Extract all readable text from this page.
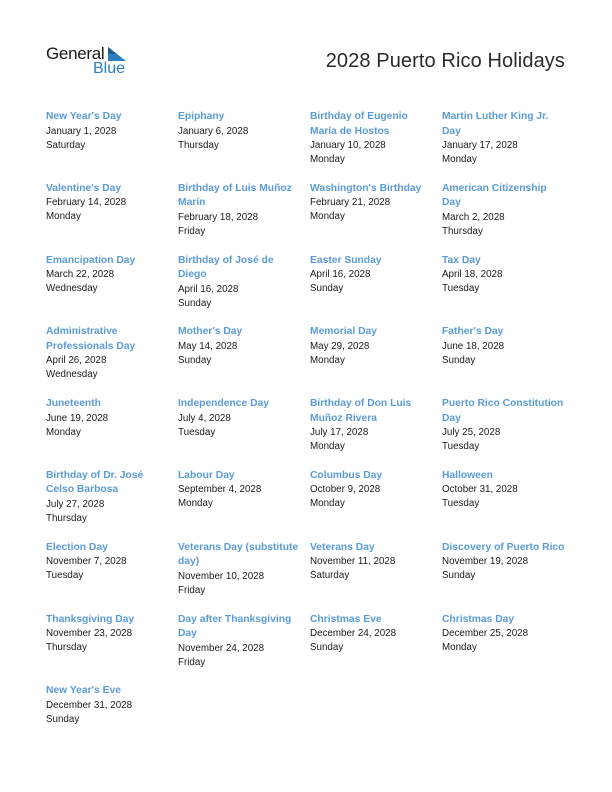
General
Blue	2028 Puerto Rico Holidays
New Year's Day
January 1, 2028
Saturday
Epiphany
January 6, 2028
Thursday
Birthday of Eugenio María de Hostos
January 10, 2028
Monday
Martin Luther King Jr. Day
January 17, 2028
Monday
Valentine's Day
February 14, 2028
Monday
Birthday of Luis Muñoz Marín
February 18, 2028
Friday
Washington's Birthday
February 21, 2028
Monday
American Citizenship Day
March 2, 2028
Thursday
Emancipation Day
March 22, 2028
Wednesday
Birthday of José de Diego
April 16, 2028
Sunday
Easter Sunday
April 16, 2028
Sunday
Tax Day
April 18, 2028
Tuesday
Administrative Professionals Day
April 26, 2028
Wednesday
Mother's Day
May 14, 2028
Sunday
Memorial Day
May 29, 2028
Monday
Father's Day
June 18, 2028
Sunday
Juneteenth
June 19, 2028
Monday
Independence Day
July 4, 2028
Tuesday
Birthday of Don Luis Muñoz Rivera
July 17, 2028
Monday
Puerto Rico Constitution Day
July 25, 2028
Tuesday
Birthday of Dr. José Celso Barbosa
July 27, 2028
Thursday
Labour Day
September 4, 2028
Monday
Columbus Day
October 9, 2028
Monday
Halloween
October 31, 2028
Tuesday
Election Day
November 7, 2028
Tuesday
Veterans Day (substitute day)
November 10, 2028
Friday
Veterans Day
November 11, 2028
Saturday
Discovery of Puerto Rico
November 19, 2028
Sunday
Thanksgiving Day
November 23, 2028
Thursday
Day after Thanksgiving Day
November 24, 2028
Friday
Christmas Eve
December 24, 2028
Sunday
Christmas Day
December 25, 2028
Monday
New Year's Eve
December 31, 2028
Sunday
